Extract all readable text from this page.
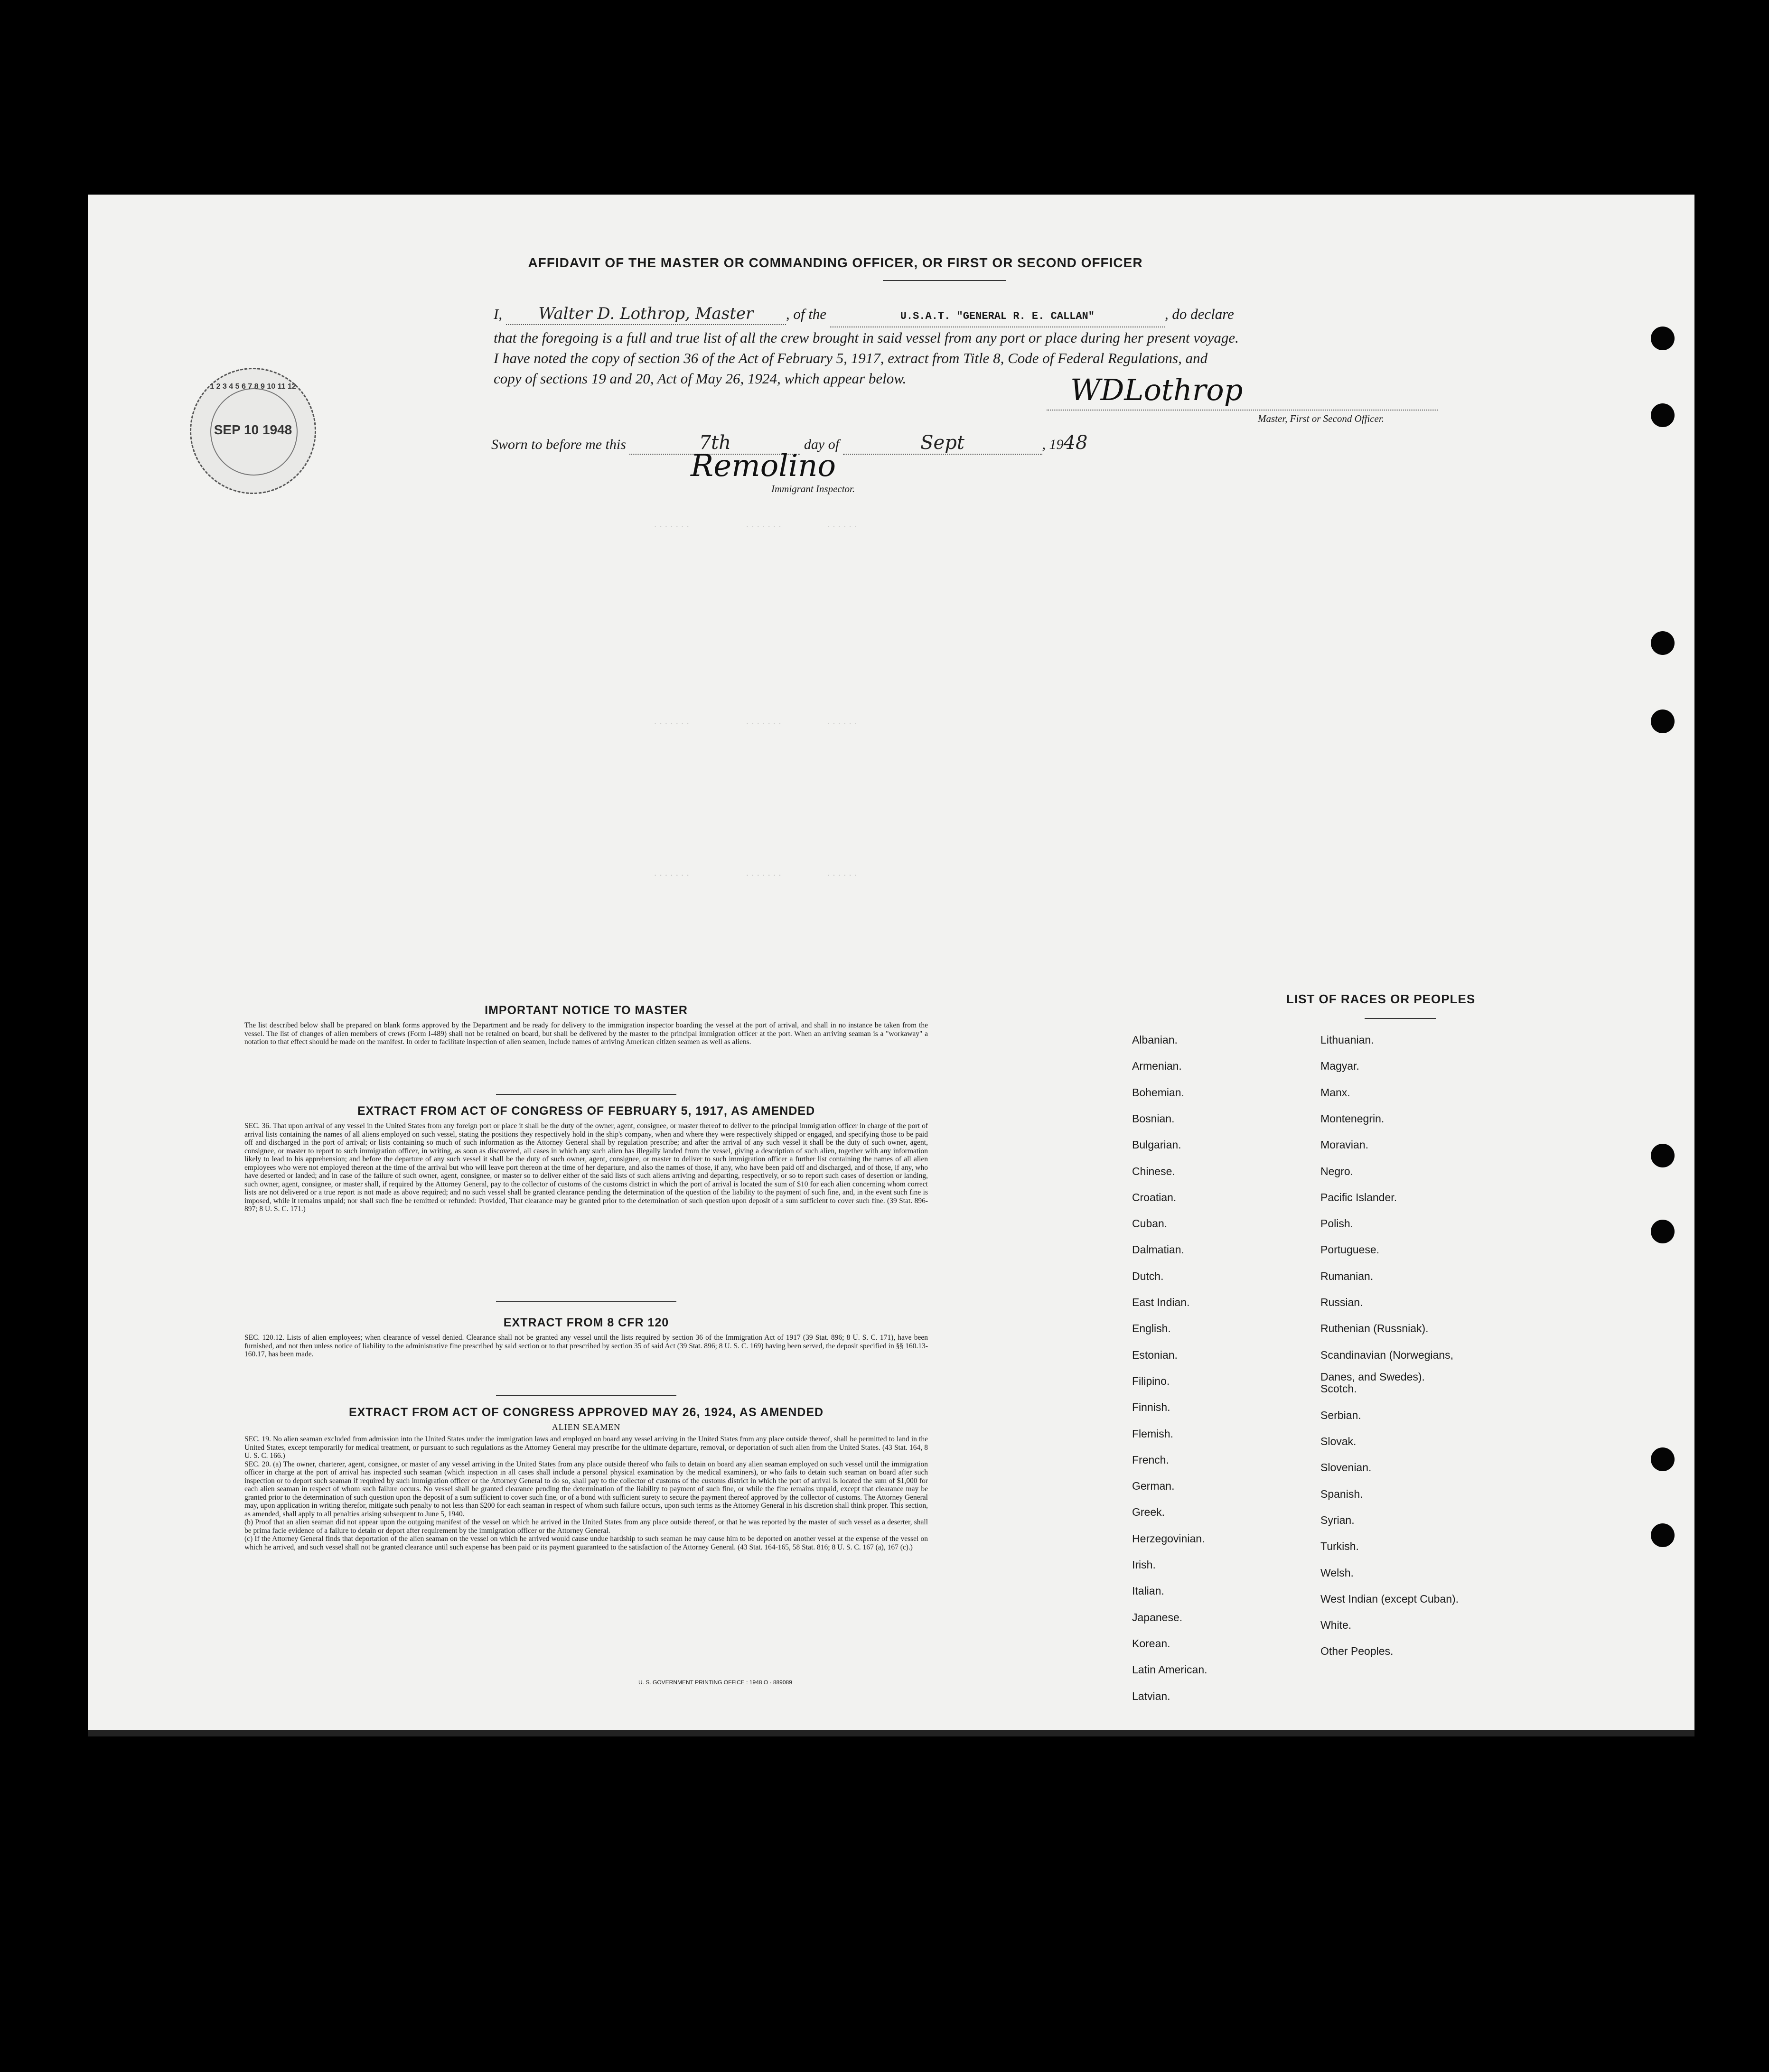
AFFIDAVIT OF THE MASTER OR COMMANDING OFFICER, OR FIRST OR SECOND OFFICER
I, Walter D. Lothrop, Master , of the	U.S.A.T. "GENERAL R. E. CALLAN"	, do declare
that the foregoing is a full and true list of all the crew brought in said vessel from any port or place during her present voyage.
I have noted the copy of section 36 of the Act of February 5, 1917, extract from Title 8, Code of Federal Regulations, and
copy of sections 19 and 20, Act of May 26, 1924, which appear below.	WDLothrop
Master, First or Second Officer.
Sworn to before me this	7th	day of	Sept	, 1948
Remolino
Immigrant Inspector.
.......          .......        ......
.......          .......        ......
.......          .......        ......

IMPORTANT NOTICE TO MASTER

The list described below shall be prepared on blank forms approved by the Department and be ready for delivery to the immigration inspector boarding the vessel at the port of arrival, and shall in no instance be taken from the vessel. The list of changes of alien members of crews (Form I-489) shall not be retained on board, but shall be delivered by the master to the principal immigration officer at the port. When an arriving seaman is a "workaway" a notation to that effect should be made on the manifest. In order to facilitate inspection of alien seamen, include names of arriving American citizen seamen as well as aliens.

EXTRACT FROM ACT OF CONGRESS OF FEBRUARY 5, 1917, AS AMENDED

SEC. 36. That upon arrival of any vessel in the United States from any foreign port or place it shall be the duty of the owner, agent, consignee, or master thereof to deliver to the principal immigration officer in charge of the port of arrival lists containing the names of all aliens employed on such vessel, stating the positions they respectively hold in the ship's company, when and where they were respectively shipped or engaged, and specifying those to be paid off and discharged in the port of arrival; or lists containing so much of such information as the Attorney General shall by regulation prescribe; and after the arrival of any such vessel it shall be the duty of such owner, agent, consignee, or master to report to such immigration officer, in writing, as soon as discovered, all cases in which any such alien has illegally landed from the vessel, giving a description of such alien, together with any information likely to lead to his apprehension; and before the departure of any such vessel it shall be the duty of such owner, agent, consignee, or master to deliver to such immigration officer a further list containing the names of all alien employees who were not employed thereon at the time of the arrival but who will leave port thereon at the time of her departure, and also the names of those, if any, who have been paid off and discharged, and of those, if any, who have deserted or landed; and in case of the failure of such owner, agent, consignee, or master so to deliver either of the said lists of such aliens arriving and departing, respectively, or so to report such cases of desertion or landing, such owner, agent, consignee, or master shall, if required by the Attorney General, pay to the collector of customs of the customs district in which the port of arrival is located the sum of $10 for each alien concerning whom correct lists are not delivered or a true report is not made as above required; and no such vessel shall be granted clearance pending the determination of the question of the liability to the payment of such fine, and, in the event such fine is imposed, while it remains unpaid; nor shall such fine be remitted or refunded: Provided, That clearance may be granted prior to the determination of such question upon deposit of a sum sufficient to cover such fine. (39 Stat. 896-897; 8 U. S. C. 171.)

EXTRACT FROM 8 CFR 120

SEC. 120.12. Lists of alien employees; when clearance of vessel denied. Clearance shall not be granted any vessel until the lists required by section 36 of the Immigration Act of 1917 (39 Stat. 896; 8 U. S. C. 171), have been furnished, and not then unless notice of liability to the administrative fine prescribed by said section or to that prescribed by section 35 of said Act (39 Stat. 896; 8 U. S. C. 169) having been served, the deposit specified in §§ 160.13-160.17, has been made.

EXTRACT FROM ACT OF CONGRESS APPROVED MAY 26, 1924, AS AMENDED

ALIEN SEAMEN

SEC. 19. No alien seaman excluded from admission into the United States under the immigration laws and employed on board any vessel arriving in the United States from any place outside thereof, shall be permitted to land in the United States, except temporarily for medical treatment, or pursuant to such regulations as the Attorney General may prescribe for the ultimate departure, removal, or deportation of such alien from the United States. (43 Stat. 164, 8 U. S. C. 166.)

SEC. 20. (a) The owner, charterer, agent, consignee, or master of any vessel arriving in the United States from any place outside thereof who fails to detain on board any alien seaman employed on such vessel until the immigration officer in charge at the port of arrival has inspected such seaman (which inspection in all cases shall include a personal physical examination by the medical examiners), or who fails to detain such seaman on board after such inspection or to deport such seaman if required by such immigration officer or the Attorney General to do so, shall pay to the collector of customs of the customs district in which the port of arrival is located the sum of $1,000 for each alien seaman in respect of whom such failure occurs. No vessel shall be granted clearance pending the determination of the liability to payment of such fine, or while the fine remains unpaid, except that clearance may be granted prior to the determination of such question upon the deposit of a sum sufficient to cover such fine, or of a bond with sufficient surety to secure the payment thereof approved by the collector of customs. The Attorney General may, upon application in writing therefor, mitigate such penalty to not less than $200 for each seaman in respect of whom such failure occurs, upon such terms as the Attorney General in his discretion shall think proper. This section, as amended, shall apply to all penalties arising subsequent to June 5, 1940.

(b) Proof that an alien seaman did not appear upon the outgoing manifest of the vessel on which he arrived in the United States from any place outside thereof, or that he was reported by the master of such vessel as a deserter, shall be prima facie evidence of a failure to detain or deport after requirement by the immigration officer or the Attorney General.

(c) If the Attorney General finds that deportation of the alien seaman on the vessel on which he arrived would cause undue hardship to such seaman he may cause him to be deported on another vessel at the expense of the vessel on which he arrived, and such vessel shall not be granted clearance until such expense has been paid or its payment guaranteed to the satisfaction of the Attorney General. (43 Stat. 164-165, 58 Stat. 816; 8 U. S. C. 167 (a), 167 (c).)

U. S. GOVERNMENT PRINTING OFFICE : 1948 O - 889089
LIST OF RACES OR PEOPLES
Albanian.
Armenian.
Bohemian.
Bosnian.
Bulgarian.
Chinese.
Croatian.
Cuban.
Dalmatian.
Dutch.
East Indian.
English.
Estonian.
Filipino.
Finnish.
Flemish.
French.
German.
Greek.
Herzegovinian.
Irish.
Italian.
Japanese.
Korean.
Latin American.
Latvian.
Lithuanian.
Magyar.
Manx.
Montenegrin.
Moravian.
Negro.
Pacific Islander.
Polish.
Portuguese.
Rumanian.
Russian.
Ruthenian (Russniak).
Scandinavian (Norwegians,
Danes, and Swedes).
Scotch.
Serbian.
Slovak.
Slovenian.
Spanish.
Syrian.
Turkish.
Welsh.
West Indian (except Cuban).
White.
Other Peoples.
1 2 3 4 5 6 7 8 9 10 11 12
SEP 10 1948
